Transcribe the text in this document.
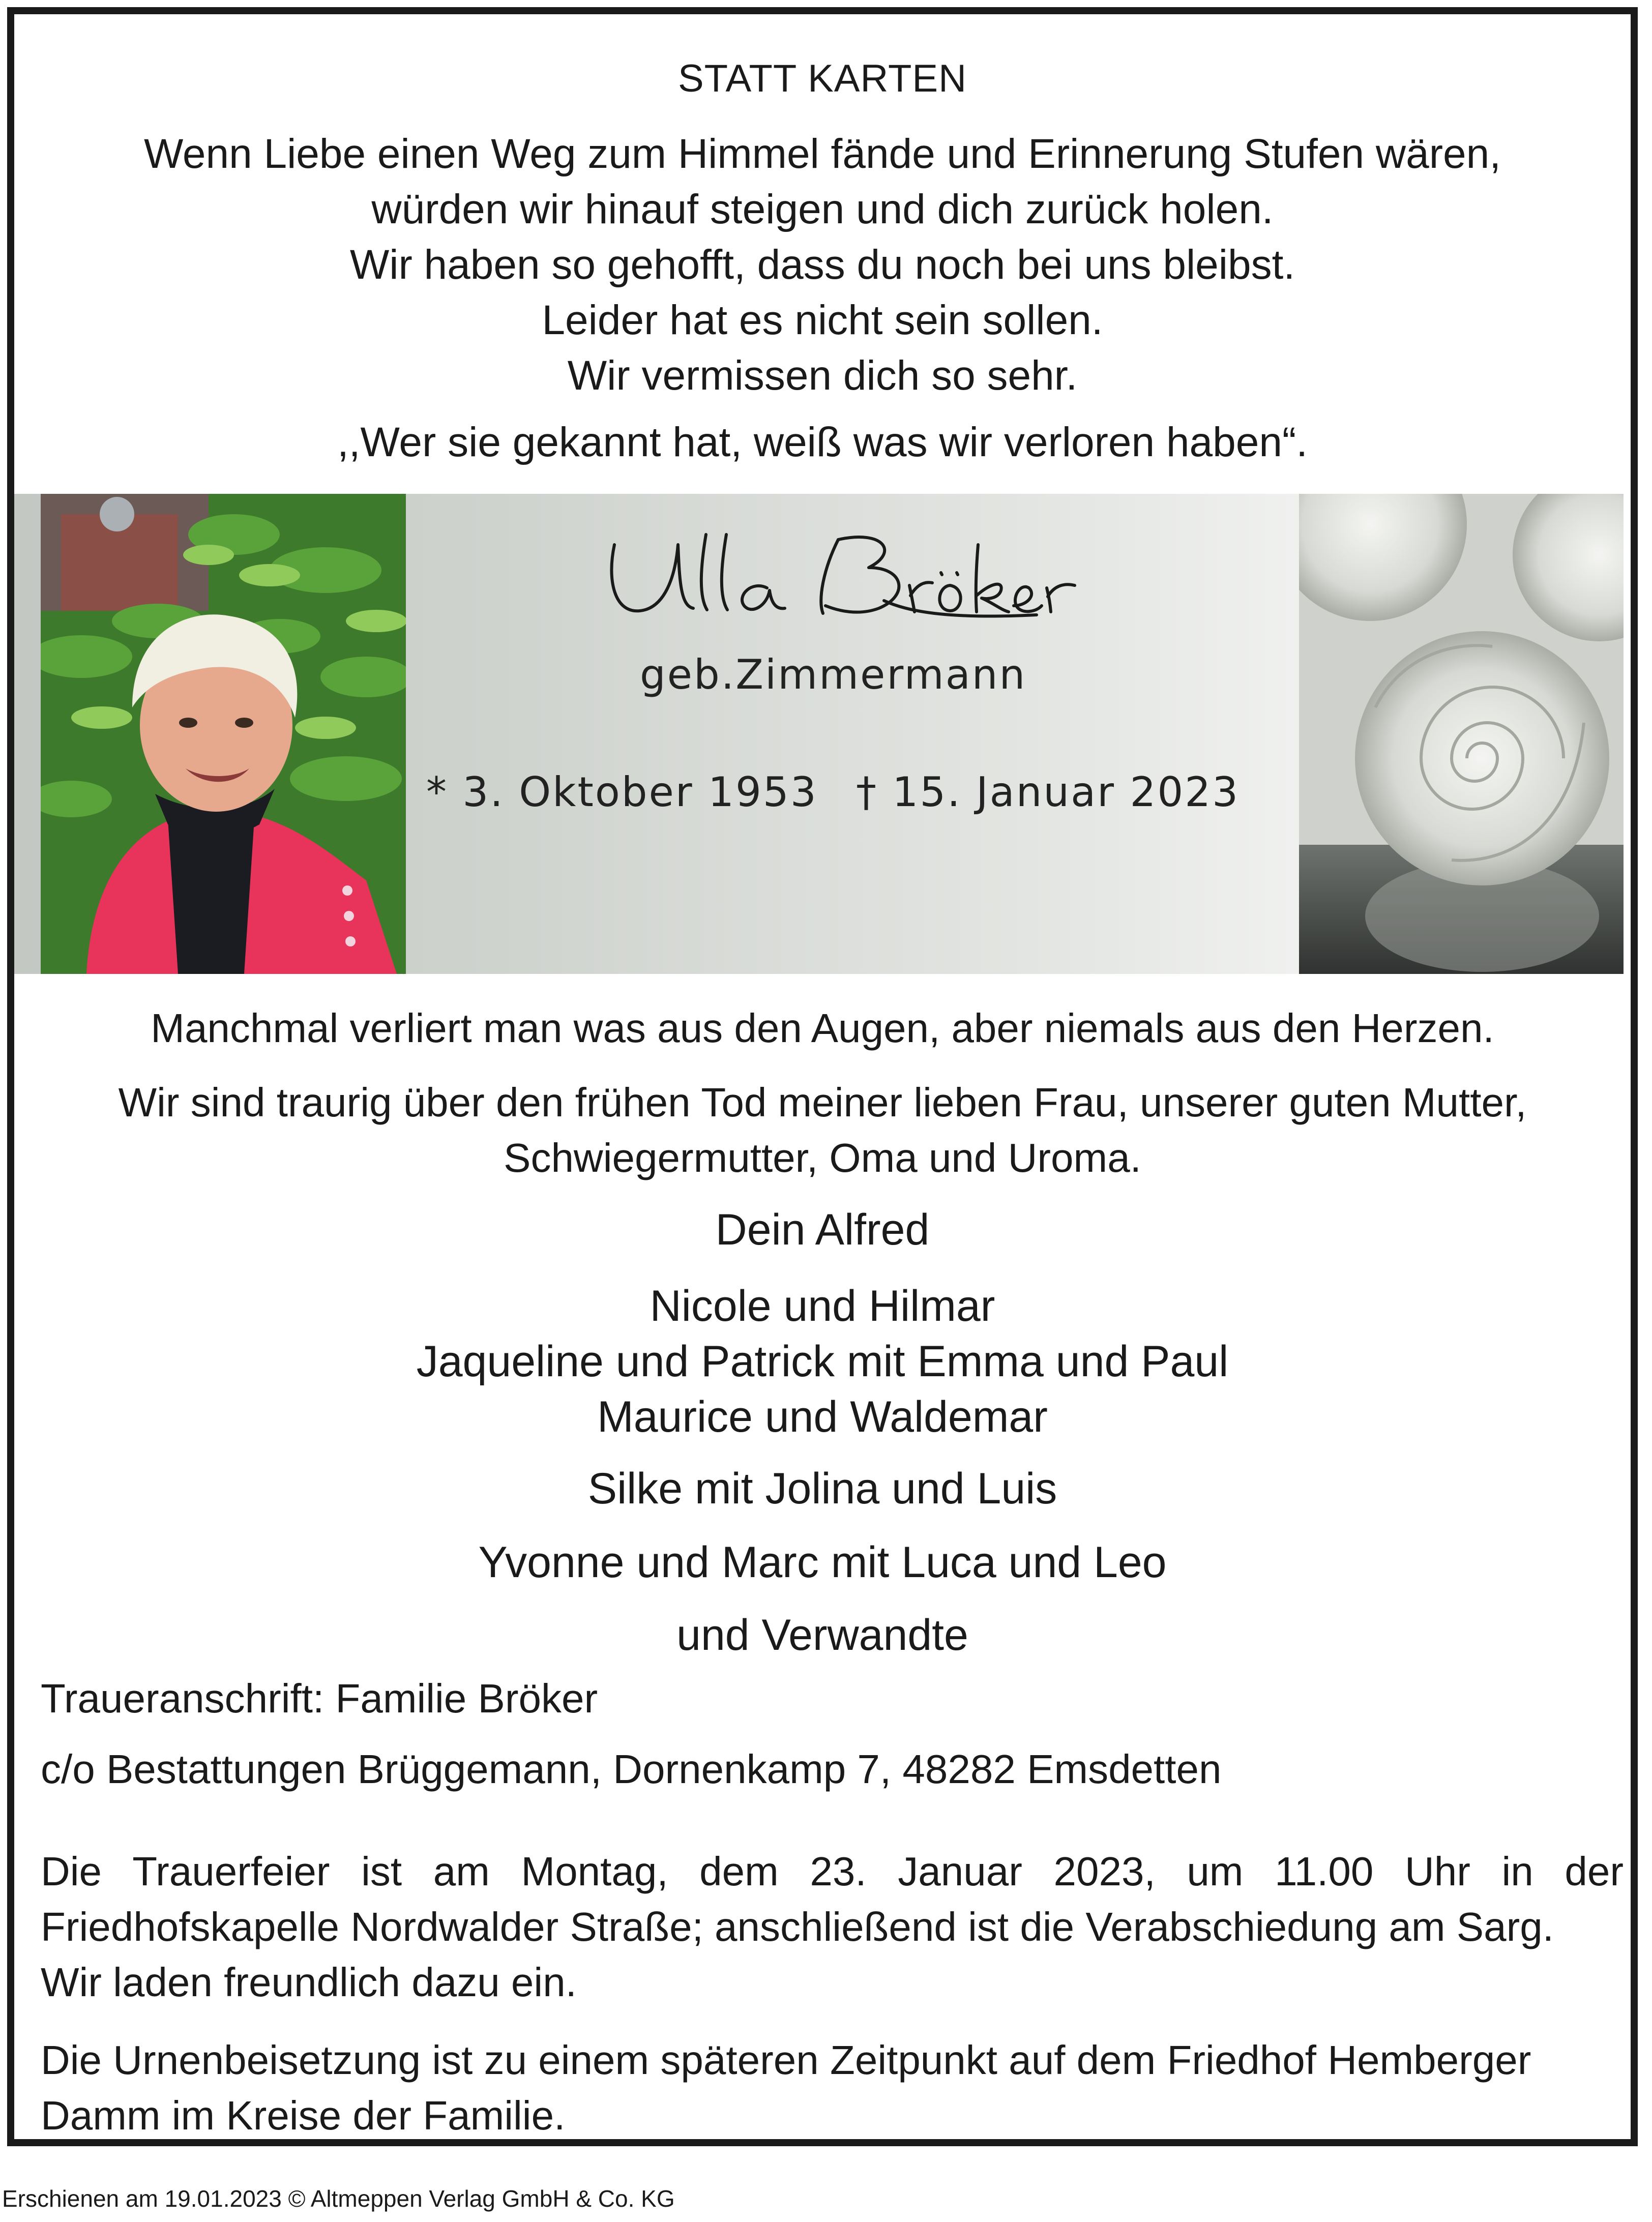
STATT KARTEN
Wenn Liebe einen Weg zum Himmel fände und Erinnerung Stufen wären,
würden wir hinauf steigen und dich zurück holen.
Wir haben so gehofft, dass du noch bei uns bleibst.
Leider hat es nicht sein sollen.
Wir vermissen dich so sehr.
,,Wer sie gekannt hat, weiß was wir verloren haben“.
geb.Zimmermann
* 3. Oktober 1953 † 15. Januar 2023
Manchmal verliert man was aus den Augen, aber niemals aus den Herzen.
Wir sind traurig über den frühen Tod meiner lieben Frau, unserer guten Mutter,
Schwiegermutter, Oma und Uroma.
Dein Alfred
Nicole und Hilmar
Jaqueline und Patrick mit Emma und Paul
Maurice und Waldemar
Silke mit Jolina und Luis
Yvonne und Marc mit Luca und Leo
und Verwandte
Traueranschrift: Familie Bröker
c/o Bestattungen Brüggemann, Dornenkamp 7, 48282 Emsdetten
Die Trauerfeier ist am Montag, dem 23. Januar 2023, um 11.00 Uhr in der
Friedhofskapelle Nordwalder Straße; anschließend ist die Verabschiedung am Sarg.
Wir laden freundlich dazu ein.
Die Urnenbeisetzung ist zu einem späteren Zeitpunkt auf dem Friedhof Hemberger
Damm im Kreise der Familie.
Erschienen am 19.01.2023 © Altmeppen Verlag GmbH & Co. KG
